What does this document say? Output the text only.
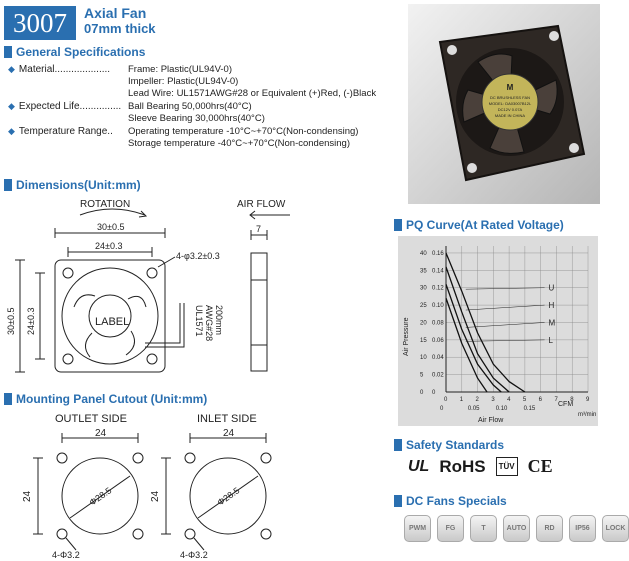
3007	Axial Fan
07mm thick
M
DC BRUSHLESS FAN
MODEL: DA03007B12L
DC12V 0.07A
MADE IN CHINA
General Specifications
◆ Material....................	Frame: Plastic(UL94V-0)
Impeller: Plastic(UL94V-0)
Lead Wire: UL1571AWG#28 or Equivalent (+)Red, (-)Black
◆ Expected Life............... Ball Bearing 50,000hrs(40°C)
Sleeve Bearing 30,000hrs(40°C)
◆ Temperature Range..	Operating temperature -10°C~+70°C(Non-condensing)
Storage temperature -40°C~+70°C(Non-condensing)
Dimensions(Unit:mm)
ROTATION	AIR FLOW
30±0.5
24±0.3
4-φ3.2±0.3
7
LABEL
30±0.5 24±0.3	UL1571 AWG#28 200mm
Mounting Panel Cutout (Unit:mm)
OUTLET SIDE	INLET SIDE
24
24	Φ28.5
4-Φ3.2
24
24	Φ28.5
4-Φ3.2
PQ Curve(At Rated Voltage)
40 0.16
35 0.14
30 0.12
25 0.10
20 0.08
15 0.06
10 0.04
5 0.02
0 0
0 1 2 3 4 5 6 7 8 9
0	0.05	0.10	0.15
U
H
M
L
CFM
m³/min
Air Flow
Air Pressure
Safety Standards
UL RoHS	TÜV CE
DC Fans Specials
PWM	FG	T	AUTO	RD	IP56	LOCK
